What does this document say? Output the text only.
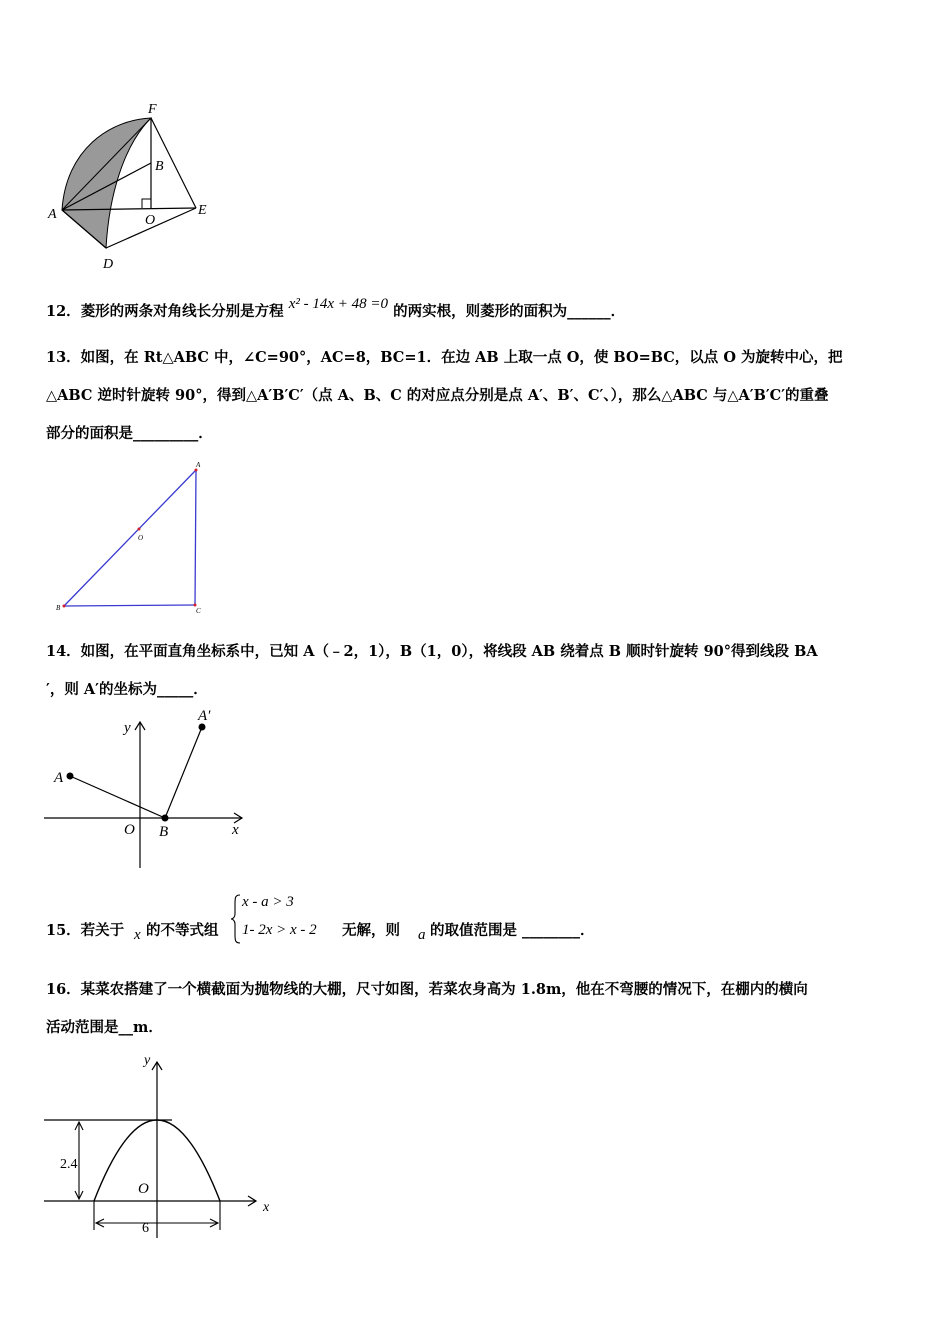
F
B
A	O
E
D
12．菱形的两条对角线长分别是方程 x² - 14x + 48 =0 的两实根，则菱形的面积为______．
13．如图，在 Rt△ABC 中，∠C=90°，AC=8，BC=1．在边 AB 上取一点 O，使 BO=BC，以点 O 为旋转中心，把
△ABC 逆时针旋转 90°，得到△A′B′C′（点 A、B、C 的对应点分别是点 A′、B′、C′、），那么△ABC 与△A′B′C′的重叠
部分的面积是_________．
A
O
B	C
14．如图，在平面直角坐标系中，已知 A（﹣2，1），B（1，0），将线段 AB 绕着点 B 顺时针旋转 90°得到线段 BA
′，则 A′的坐标为_____．
y
A′
A
O B	x
15．若关于 x 的不等式组
x - a > 3
1- 2x > x - 2 无解，则 a 的取值范围是 ________．
16．某菜农搭建了一个横截面为抛物线的大棚，尺寸如图，若菜农身高为 1.8m，他在不弯腰的情况下，在棚内的横向
活动范围是__m．
y
2.4
O
6
x
